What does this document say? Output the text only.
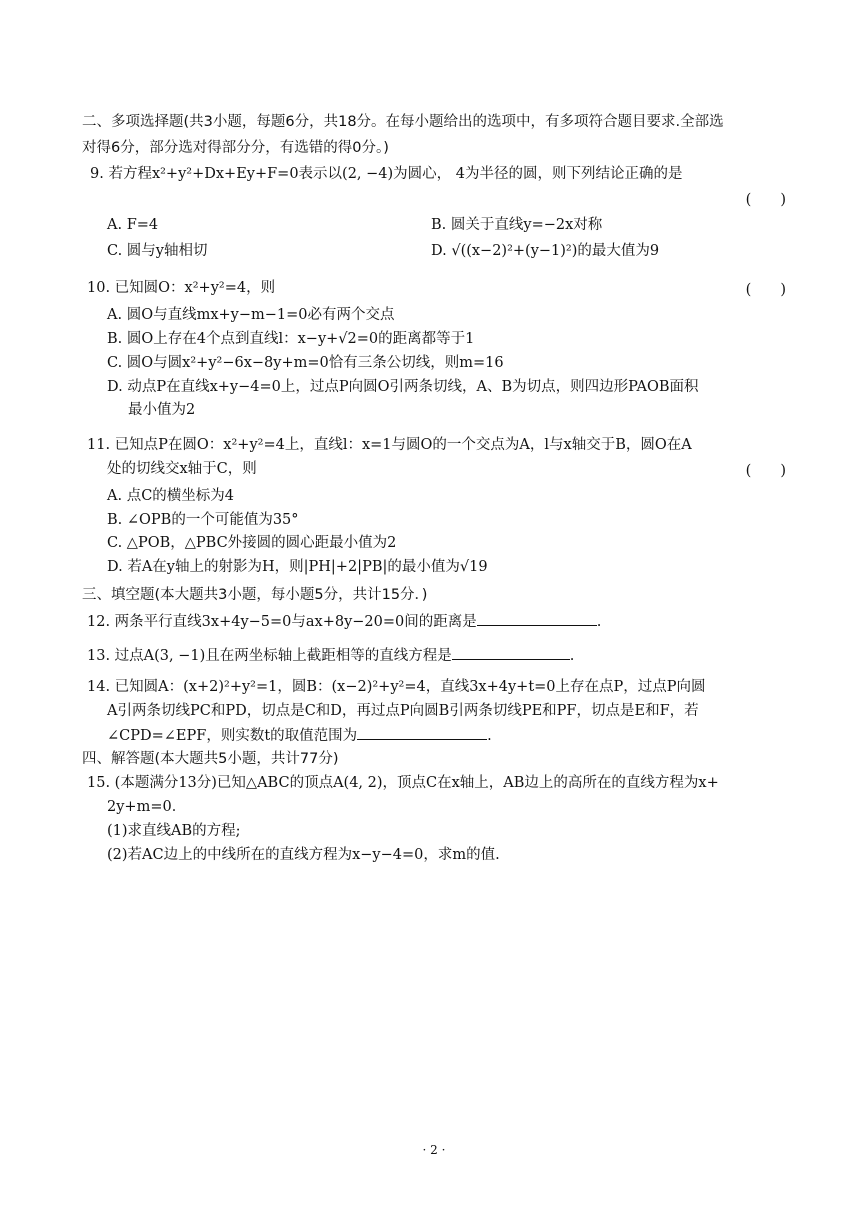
二、多项选择题(共3小题，每题6分，共18分。在每小题给出的选项中，有多项符合题目要求.全部选
对得6分，部分选对得部分分，有选错的得0分。)
9. 若方程x²+y²+Dx+Ey+F=0表示以(2, −4)为圆心， 4为半径的圆，则下列结论正确的是
(　　)
A. F=4	B. 圆关于直线y=−2x对称
C. 圆与y轴相切	D. √((x−2)²+(y−1)²)的最大值为9
10. 已知圆O：x²+y²=4，则	(　　)
A. 圆O与直线mx+y−m−1=0必有两个交点
B. 圆O上存在4个点到直线l：x−y+√2=0的距离都等于1
C. 圆O与圆x²+y²−6x−8y+m=0恰有三条公切线，则m=16
D. 动点P在直线x+y−4=0上，过点P向圆O引两条切线，A、B为切点，则四边形PAOB面积
最小值为2
11. 已知点P在圆O：x²+y²=4上，直线l：x=1与圆O的一个交点为A，l与x轴交于B，圆O在A
处的切线交x轴于C，则	(　　)
A. 点C的横坐标为4
B. ∠OPB的一个可能值为35°
C. △POB，△PBC外接圆的圆心距最小值为2
D. 若A在y轴上的射影为H，则|PH|+2|PB|的最小值为√19
三、填空题(本大题共3小题，每小题5分，共计15分．)
12. 两条平行直线3x+4y−5=0与ax+8y−20=0间的距离是	.
13. 过点A(3, −1)且在两坐标轴上截距相等的直线方程是	.
14. 已知圆A：(x+2)²+y²=1，圆B：(x−2)²+y²=4，直线3x+4y+t=0上存在点P，过点P向圆
A引两条切线PC和PD，切点是C和D，再过点P向圆B引两条切线PE和PF，切点是E和F，若
∠CPD=∠EPF，则实数t的取值范围为	.
四、解答题(本大题共5小题，共计77分)
15. (本题满分13分)已知△ABC的顶点A(4, 2)，顶点C在x轴上，AB边上的高所在的直线方程为x+
2y+m=0．
(1)求直线AB的方程;
(2)若AC边上的中线所在的直线方程为x−y−4=0，求m的值.
· 2 ·
